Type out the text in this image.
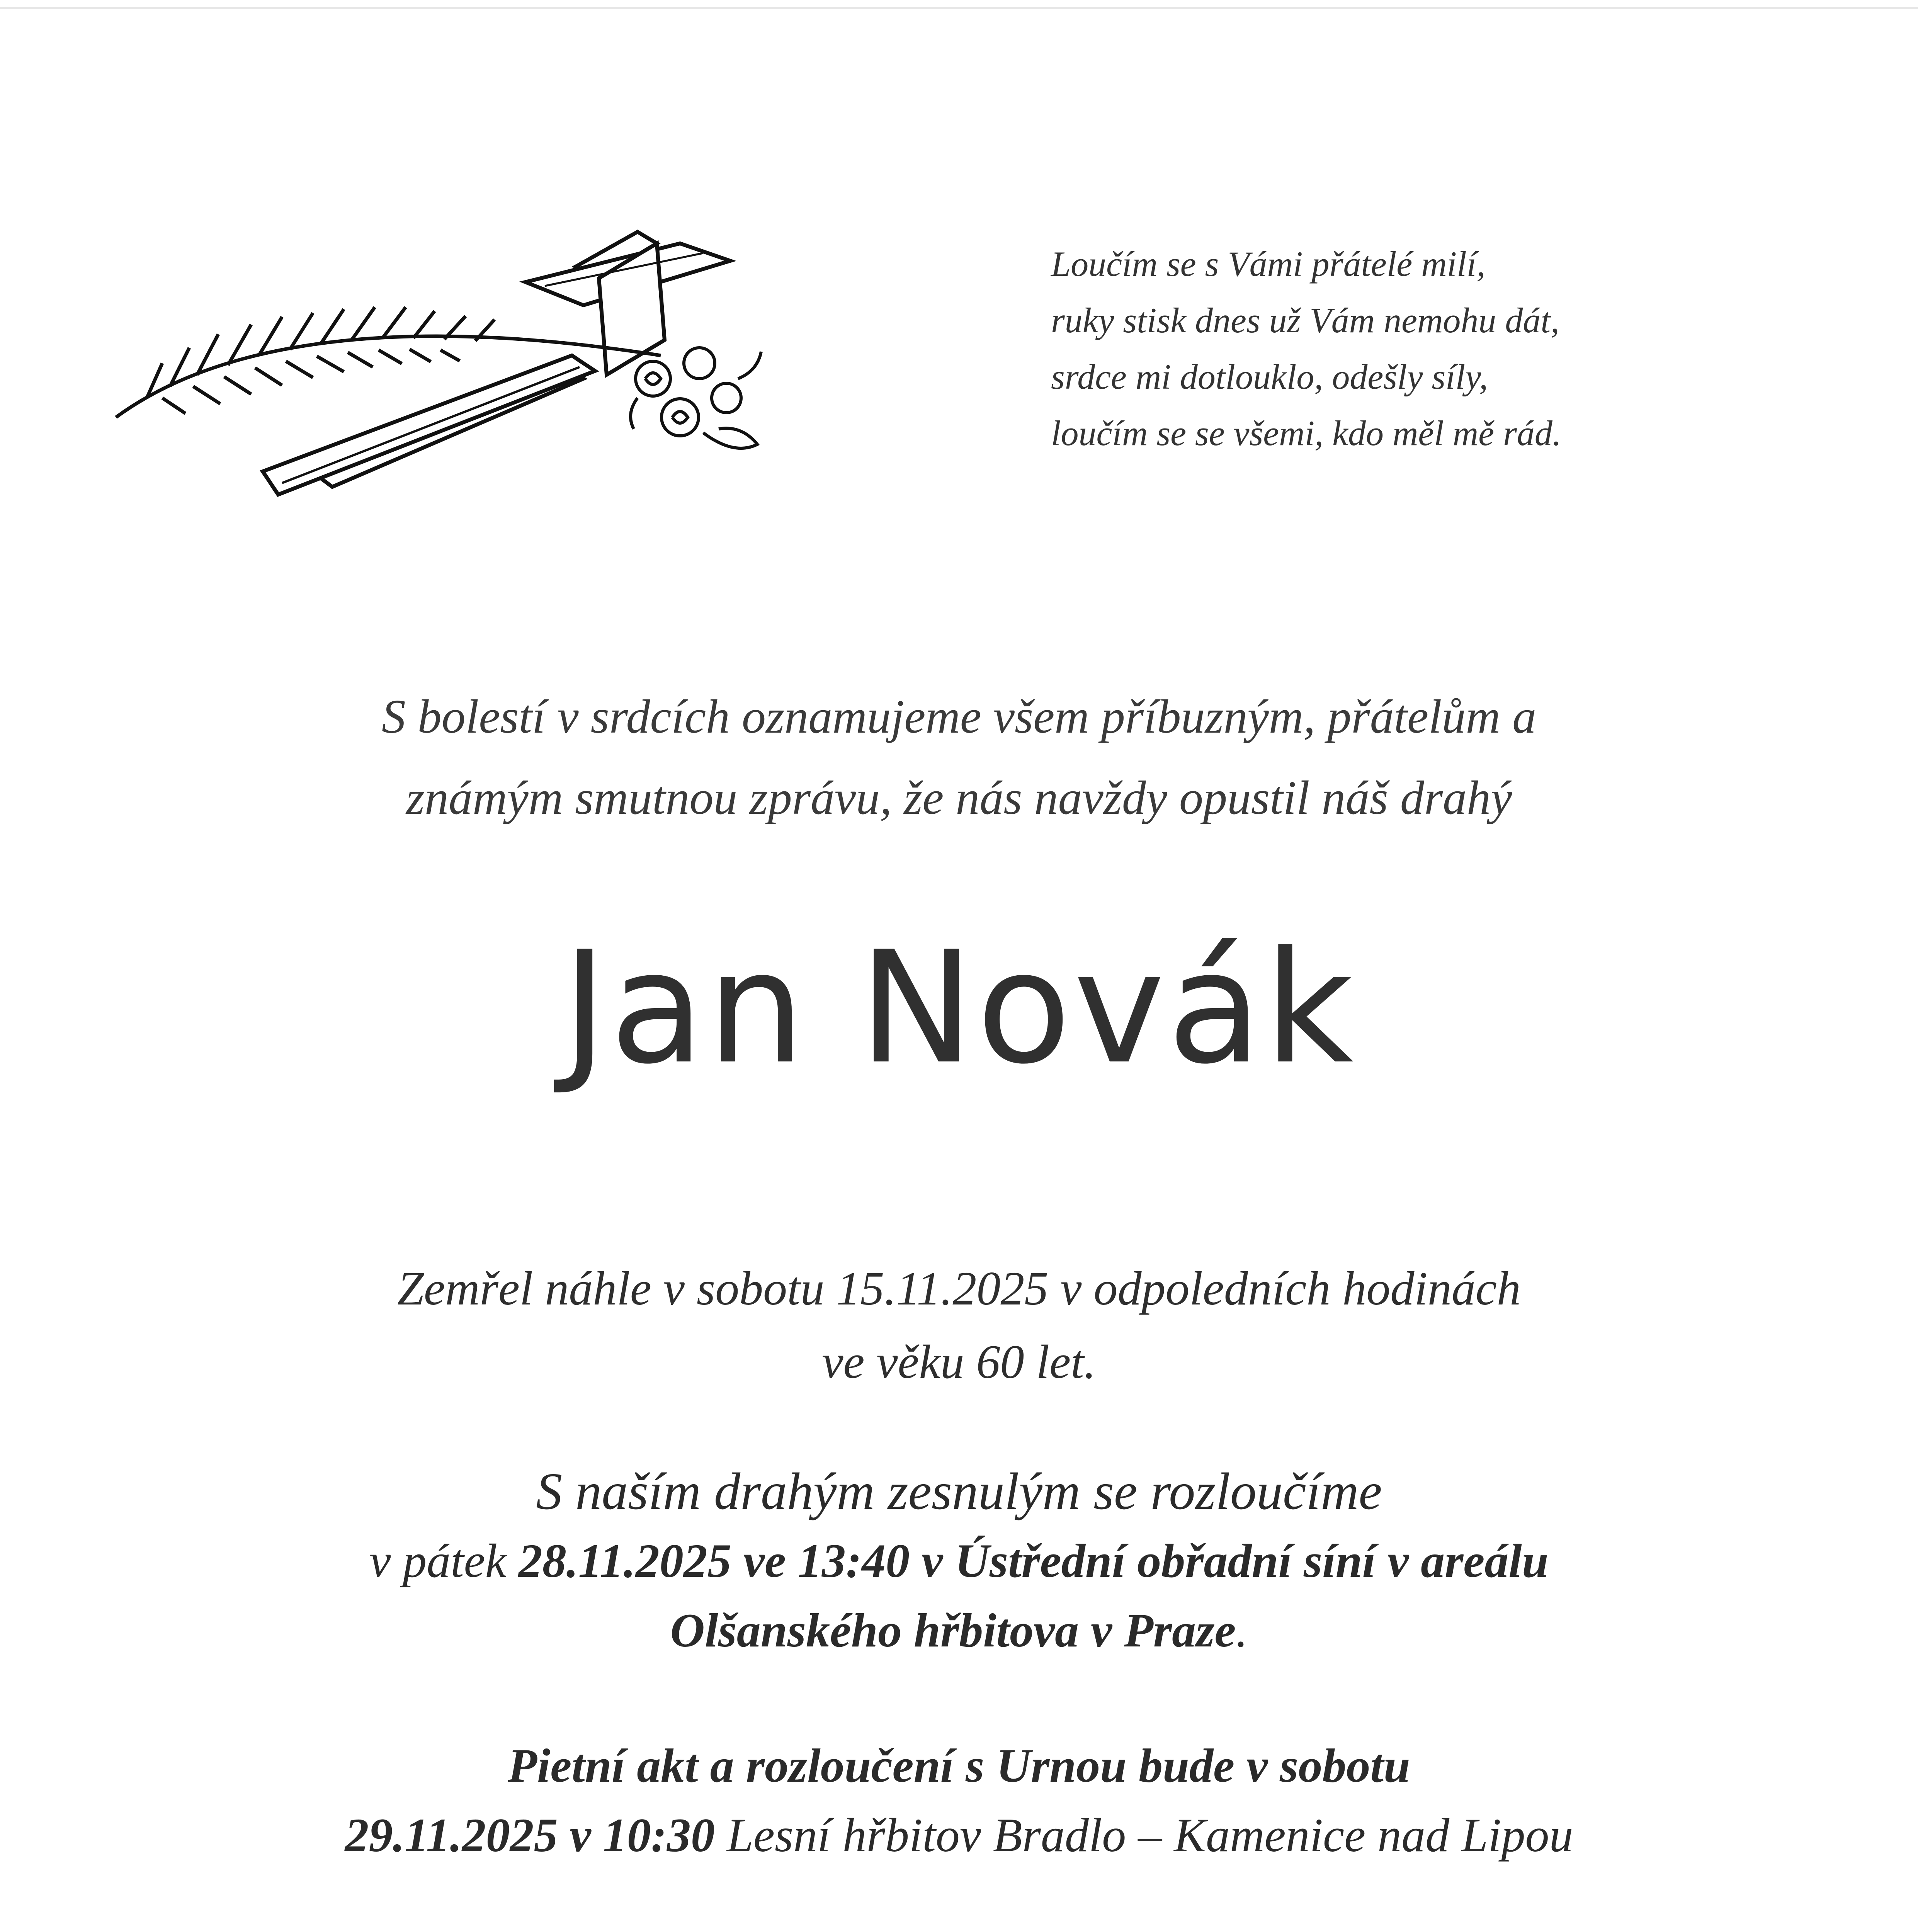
Loučím se s Vámi přátelé milí,
ruky stisk dnes už Vám nemohu dát,
srdce mi dotlouklo, odešly síly,
loučím se se všemi, kdo měl mě rád.
S bolestí v srdcích oznamujeme všem příbuzným, přátelům a
známým smutnou zprávu, že nás navždy opustil náš drahý
Jan Novák
Zemřel náhle v sobotu 15.11.2025 v odpoledních hodinách
ve věku 60 let.
S naším drahým zesnulým se rozloučíme
v pátek 28.11.2025 ve 13:40 v Ústřední obřadní síní v areálu
Olšanského hřbitova v Praze.
Pietní akt a rozloučení s Urnou bude v sobotu
29.11.2025 v 10:30 Lesní hřbitov Bradlo – Kamenice nad Lipou
